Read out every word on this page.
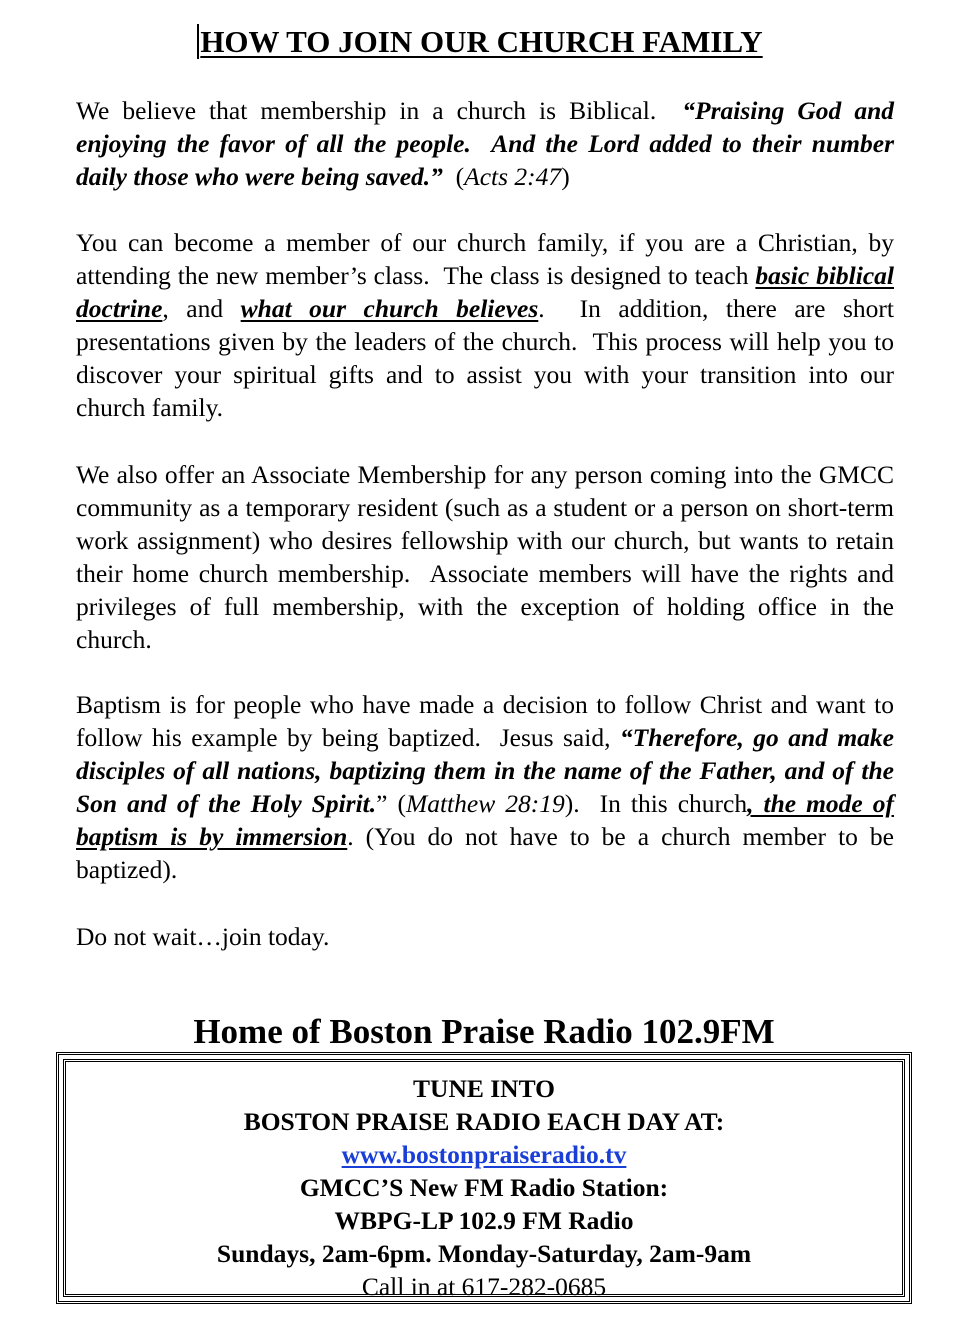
HOW TO JOIN OUR CHURCH FAMILY

We believe that membership in a church is Biblical.  “Praising God and enjoying the favor of all the people.  And the Lord added to their number daily those who were being saved.”  (Acts 2:47)

You can become a member of our church family, if you are a Christian, by attending the new member’s class.  The class is designed to teach basic biblical doctrine, and what our church believes.  In addition, there are short presentations given by the leaders of the church.  This process will help you to discover your spiritual gifts and to assist you with your transition into our church family.

We also offer an Associate Membership for any person coming into the GMCC community as a temporary resident (such as a student or a person on short-term work assignment) who desires fellowship with our church, but wants to retain their home church membership.  Associate members will have the rights and privileges of full membership, with the exception of holding office in the church.

Baptism is for people who have made a decision to follow Christ and want to follow his example by being baptized.  Jesus said, “Therefore, go and make disciples of all nations, baptizing them in the name of the Father, and of the Son and of the Holy Spirit.” (Matthew 28:19).  In this church, the mode of baptism is by immersion. (You do not have to be a church member to be baptized).

Do not wait…join today.

Home of Boston Praise Radio 102.9FM
TUNE INTO
BOSTON PRAISE RADIO EACH DAY AT:
www.bostonpraiseradio.tv
GMCC’S New FM Radio Station:
WBPG-LP 102.9 FM Radio
Sundays, 2am-6pm. Monday-Saturday, 2am-9am
Call in at 617-282-0685
